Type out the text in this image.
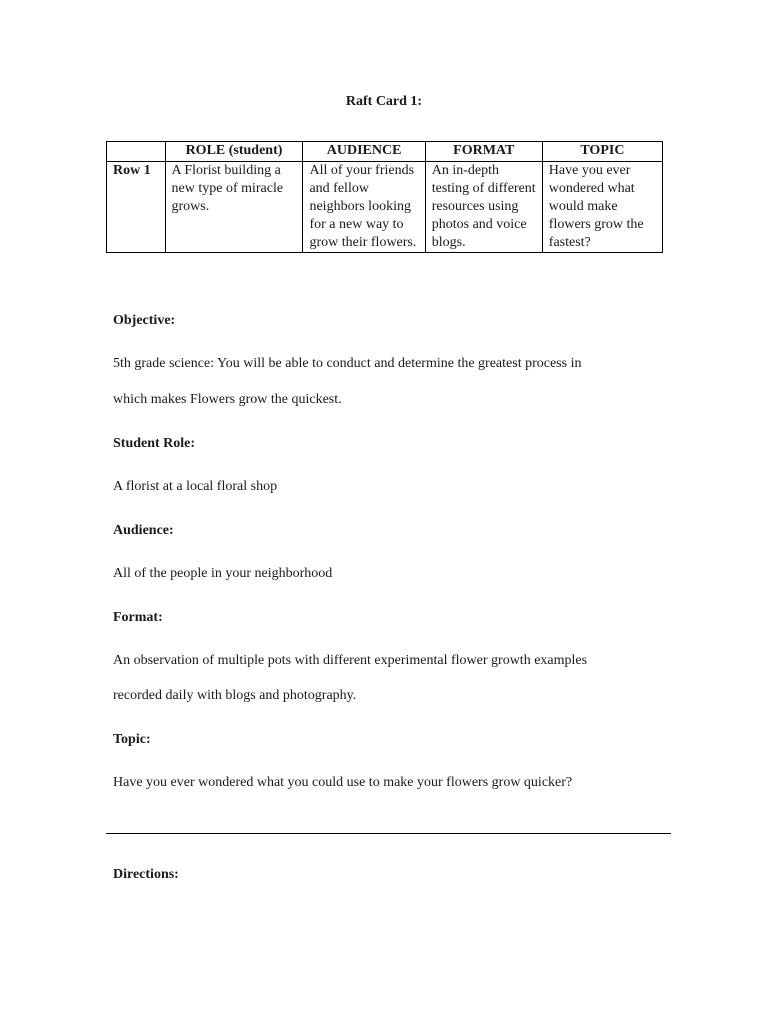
Raft Card 1:
	ROLE (student)	AUDIENCE	FORMAT	TOPIC
Row 1	A Florist building a new type of miracle grows.	All of your friends and fellow neighbors looking for a new way to grow their flowers.	An in-depth testing of different resources using photos and voice blogs.	Have you ever wondered what would make flowers grow the fastest?
Objective:
5th grade science: You will be able to conduct and determine the greatest process in
which makes Flowers grow the quickest.
Student Role:
A florist at a local floral shop
Audience:
All of the people in your neighborhood
Format:
An observation of multiple pots with different experimental flower growth examples
recorded daily with blogs and photography.
Topic:
Have you ever wondered what you could use to make your flowers grow quicker?
Directions:
